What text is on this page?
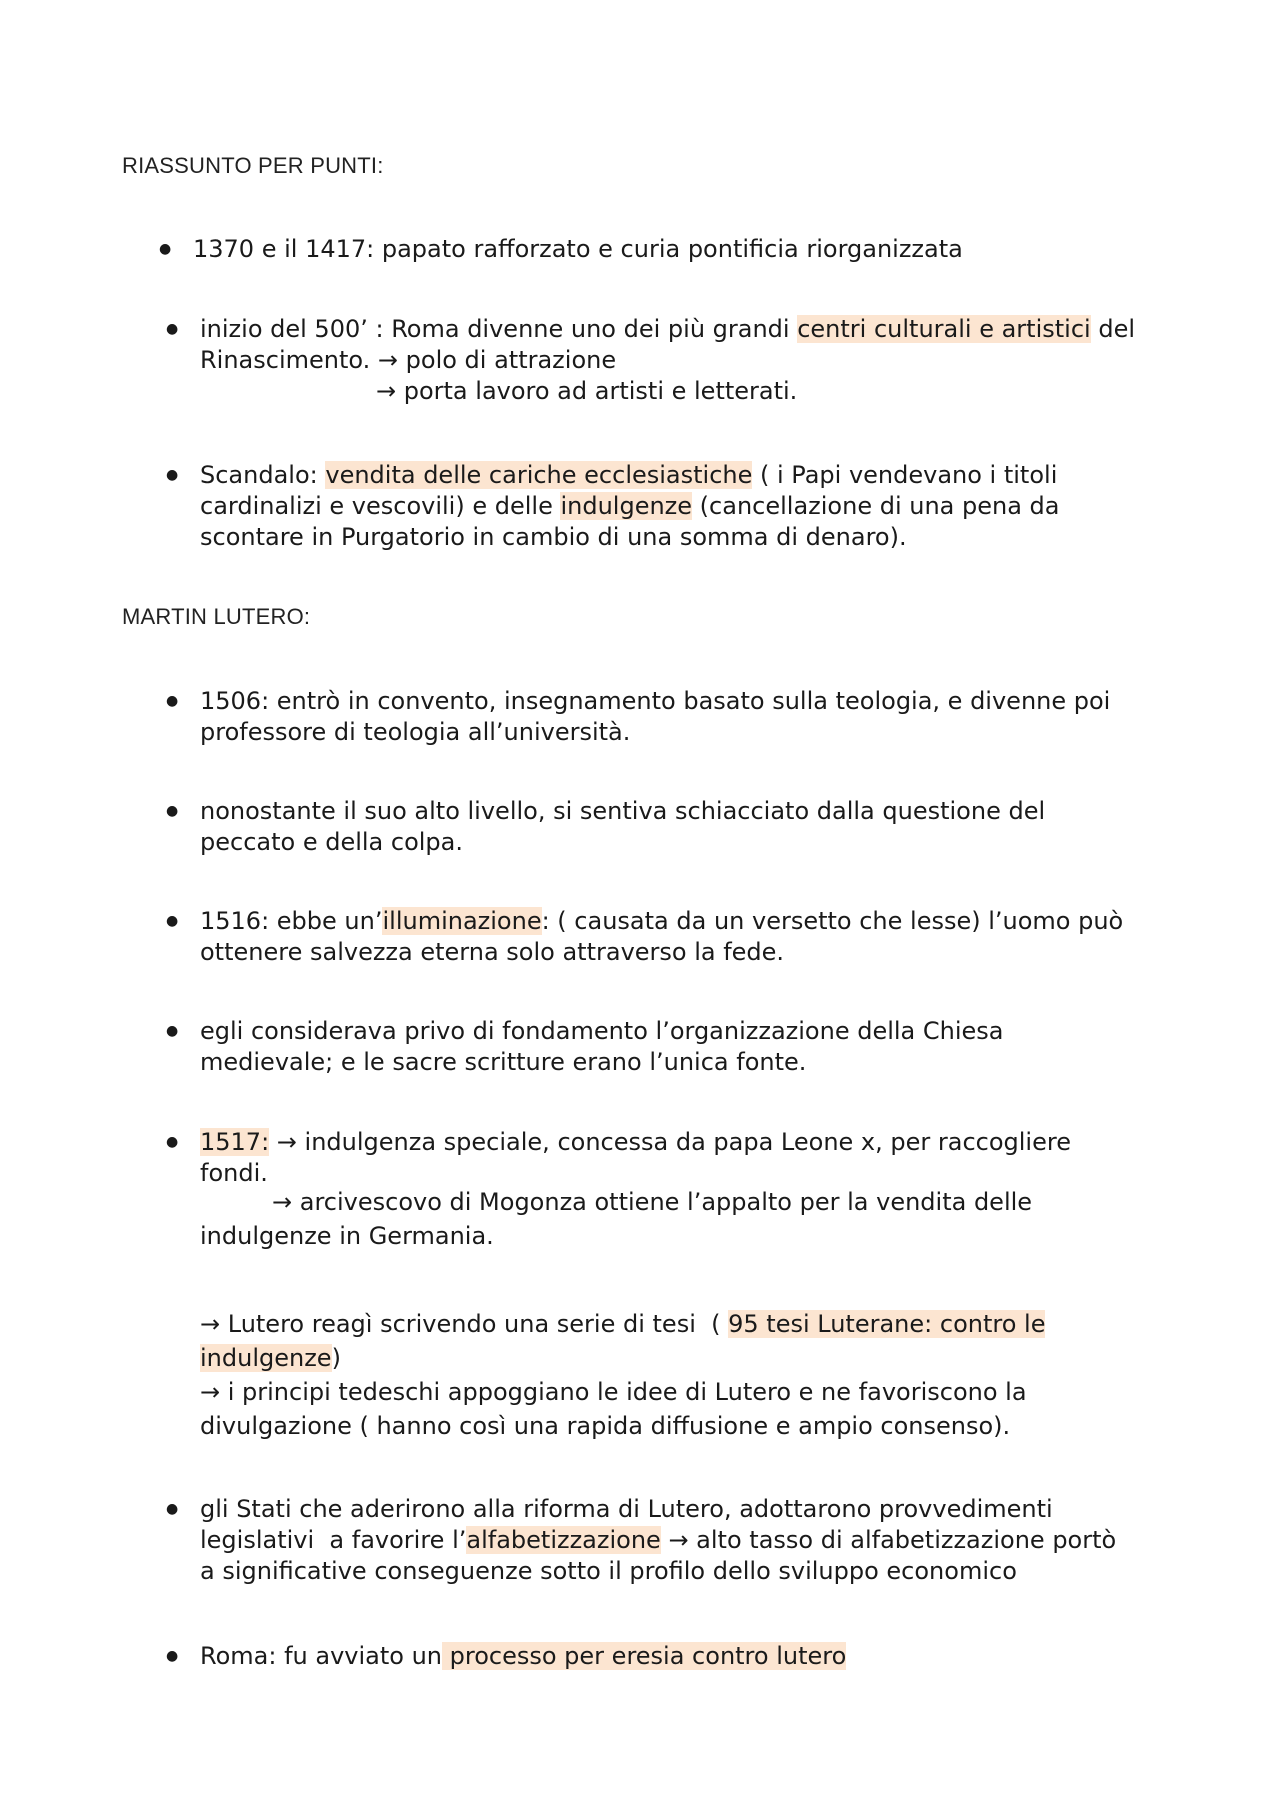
RIASSUNTO PER PUNTI:
● 1370 e il 1417: papato rafforzato e curia pontificia riorganizzata
● inizio del 500’ : Roma divenne uno dei più grandi centri culturali e artistici del
Rinascimento. → polo di attrazione
→ porta lavoro ad artisti e letterati.
● Scandalo: vendita delle cariche ecclesiastiche ( i Papi vendevano i titoli
cardinalizi e vescovili) e delle indulgenze (cancellazione di una pena da
scontare in Purgatorio in cambio di una somma di denaro).
MARTIN LUTERO:
● 1506: entrò in convento, insegnamento basato sulla teologia, e divenne poi
professore di teologia all’università.
● nonostante il suo alto livello, si sentiva schiacciato dalla questione del
peccato e della colpa.
● 1516: ebbe un’illuminazione: ( causata da un versetto che lesse) l’uomo può
ottenere salvezza eterna solo attraverso la fede.
● egli considerava privo di fondamento l’organizzazione della Chiesa
medievale; e le sacre scritture erano l’unica fonte.
● 1517: → indulgenza speciale, concessa da papa Leone x, per raccogliere
fondi.
→ arcivescovo di Mogonza ottiene l’appalto per la vendita delle
indulgenze in Germania.
→ Lutero reagì scrivendo una serie di tesi  ( 95 tesi Luterane: contro le
indulgenze)
→ i principi tedeschi appoggiano le idee di Lutero e ne favoriscono la
divulgazione ( hanno così una rapida diffusione e ampio consenso).
● gli Stati che aderirono alla riforma di Lutero, adottarono provvedimenti
legislativi  a favorire l’alfabetizzazione → alto tasso di alfabetizzazione portò
a significative conseguenze sotto il profilo dello sviluppo economico
● Roma: fu avviato un processo per eresia contro lutero
